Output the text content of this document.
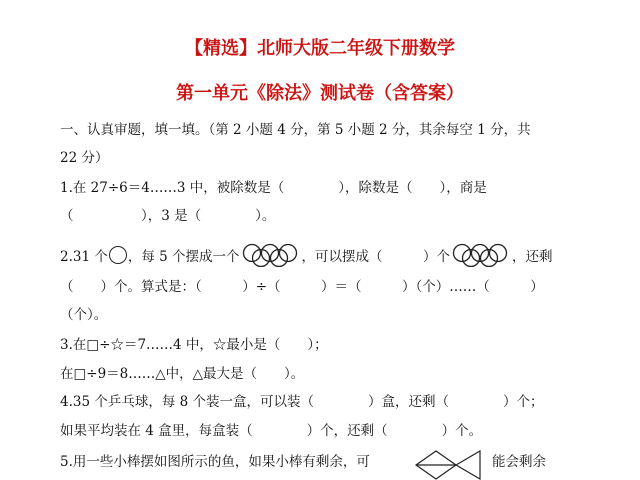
【精选】北师大版二年级下册数学
第一单元《除法》测试卷（含答案）
一、认真审题，填一填。（第 2 小题 4 分，第 5 小题 2 分，其余每空 1 分，共
22 分）
1.在 27÷6＝4……3 中，被除数是（　　　　），除数是（　　），商是
（　　　　　），3 是（　　　　）。
2.31 个 ，每 5 个摆成一个	，可以摆成（　　　）个	，还剩
（　　）个。算式是：（　　　）÷（　　　）＝（　　　）（个）……（　　　）
（个）。
3.在□÷☆＝7……4 中，☆最小是（　　）；
在□÷9＝8……△中，△最大是（　　）。
4.35 个乒乓球，每 8 个装一盒，可以装（　　　　）盒，还剩（　　　　）个；
如果平均装在 4 盒里，每盒装（　　　　）个，还剩（　　　　）个。
5.用一些小棒摆如图所示的鱼，如果小棒有剩余，可	能会剩余
